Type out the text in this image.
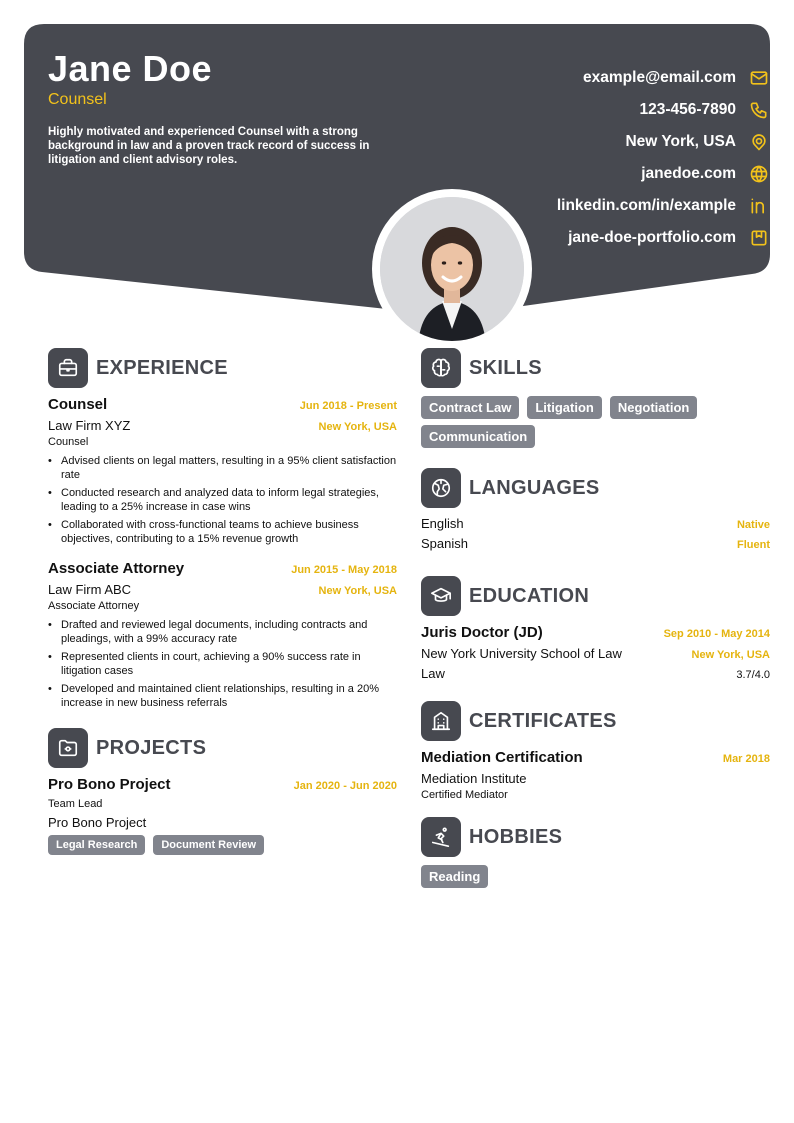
Jane Doe
Counsel
Highly motivated and experienced Counsel with a strong background in law and a proven track record of success in litigation and client advisory roles.
example@email.com
123-456-7890
New York, USA
janedoe.com
linkedin.com/in/example
jane-doe-portfolio.com
EXPERIENCE
Counsel	Jun 2018 - Present
Law Firm XYZ	New York, USA
Counsel
• Advised clients on legal matters, resulting in a 95% client satisfaction rate
• Conducted research and analyzed data to inform legal strategies, leading to a 25% increase in case wins
• Collaborated with cross-functional teams to achieve business objectives, contributing to a 15% revenue growth
Associate Attorney	Jun 2015 - May 2018
Law Firm ABC	New York, USA
Associate Attorney
• Drafted and reviewed legal documents, including contracts and pleadings, with a 99% accuracy rate
• Represented clients in court, achieving a 90% success rate in litigation cases
• Developed and maintained client relationships, resulting in a 20% increase in new business referrals
PROJECTS
Pro Bono Project	Jan 2020 - Jun 2020
Team Lead
Pro Bono Project
Legal Research	Document Review
SKILLS
Contract Law	Litigation	Negotiation
Communication
LANGUAGES
English	Native
Spanish	Fluent
EDUCATION
Juris Doctor (JD)	Sep 2010 - May 2014
New York University School of Law	New York, USA
Law	3.7/4.0
CERTIFICATES
Mediation Certification	Mar 2018
Mediation Institute
Certified Mediator
HOBBIES
Reading
